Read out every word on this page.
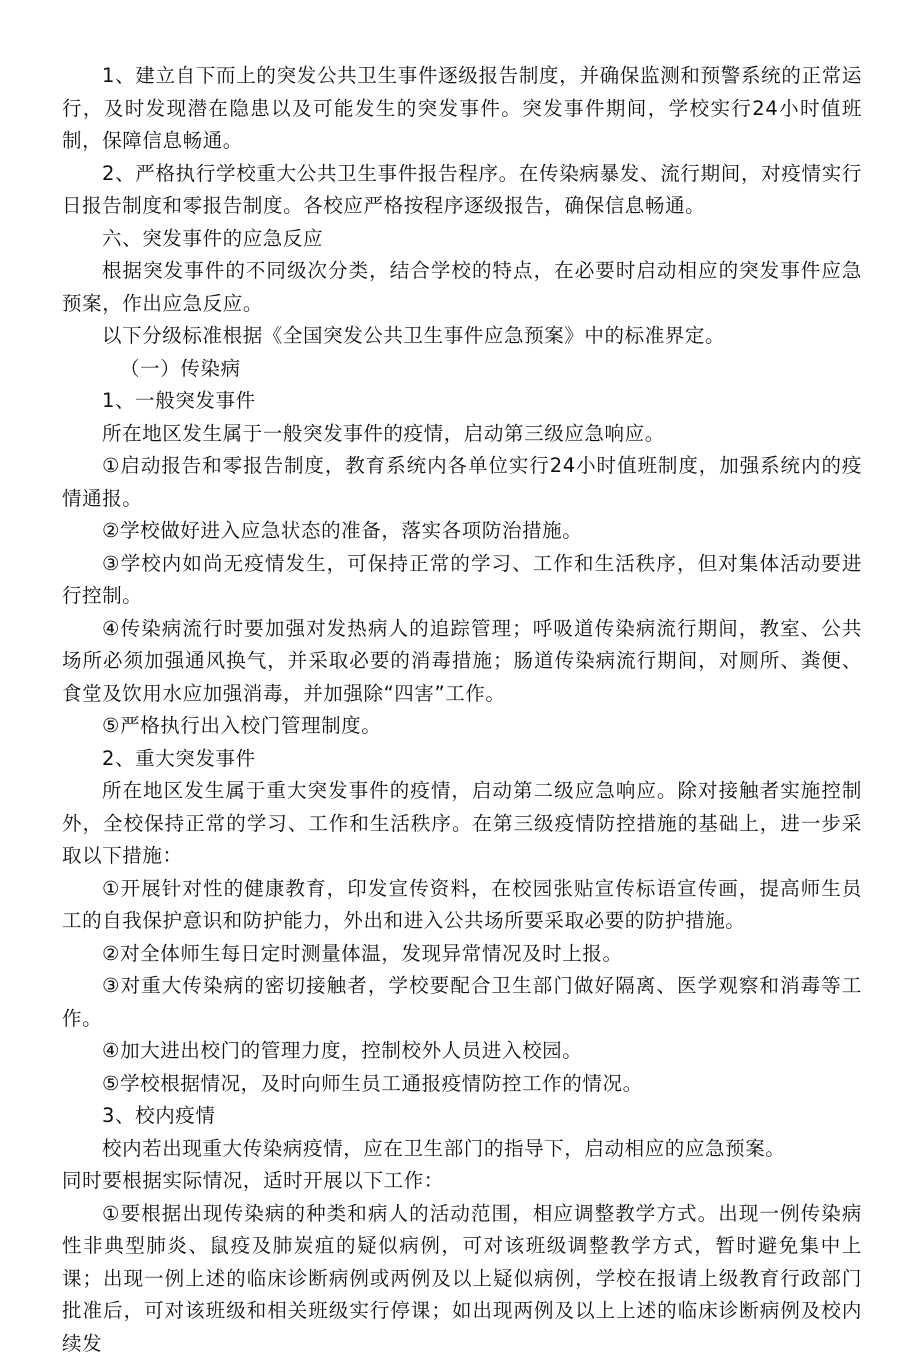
1、建立自下而上的突发公共卫生事件逐级报告制度，并确保监测和预警系统的正常运行，及时发现潜在隐患以及可能发生的突发事件。突发事件期间，学校实行24小时值班制，保障信息畅通。

2、严格执行学校重大公共卫生事件报告程序。在传染病暴发、流行期间，对疫情实行日报告制度和零报告制度。各校应严格按程序逐级报告，确保信息畅通。

六、突发事件的应急反应

根据突发事件的不同级次分类，结合学校的特点，在必要时启动相应的突发事件应急预案，作出应急反应。

以下分级标准根据《全国突发公共卫生事件应急预案》中的标准界定。

（一）传染病

1、一般突发事件

所在地区发生属于一般突发事件的疫情，启动第三级应急响应。

①启动报告和零报告制度，教育系统内各单位实行24小时值班制度，加强系统内的疫情通报。

②学校做好进入应急状态的准备，落实各项防治措施。

③学校内如尚无疫情发生，可保持正常的学习、工作和生活秩序，但对集体活动要进行控制。

④传染病流行时要加强对发热病人的追踪管理；呼吸道传染病流行期间，教室、公共场所必须加强通风换气，并采取必要的消毒措施；肠道传染病流行期间，对厕所、粪便、食堂及饮用水应加强消毒，并加强除“四害”工作。

⑤严格执行出入校门管理制度。

2、重大突发事件

所在地区发生属于重大突发事件的疫情，启动第二级应急响应。除对接触者实施控制外，全校保持正常的学习、工作和生活秩序。在第三级疫情防控措施的基础上，进一步采取以下措施：

①开展针对性的健康教育，印发宣传资料，在校园张贴宣传标语宣传画，提高师生员工的自我保护意识和防护能力，外出和进入公共场所要采取必要的防护措施。

②对全体师生每日定时测量体温，发现异常情况及时上报。

③对重大传染病的密切接触者，学校要配合卫生部门做好隔离、医学观察和消毒等工作。

④加大进出校门的管理力度，控制校外人员进入校园。

⑤学校根据情况，及时向师生员工通报疫情防控工作的情况。

3、校内疫情

校内若出现重大传染病疫情，应在卫生部门的指导下，启动相应的应急预案。

同时要根据实际情况，适时开展以下工作：

①要根据出现传染病的种类和病人的活动范围，相应调整教学方式。出现一例传染病性非典型肺炎、鼠疫及肺炭疽的疑似病例，可对该班级调整教学方式，暂时避免集中上课；出现一例上述的临床诊断病例或两例及以上疑似病例，学校在报请上级教育行政部门批准后，可对该班级和相关班级实行停课；如出现两例及以上上述的临床诊断病例及校内续发
